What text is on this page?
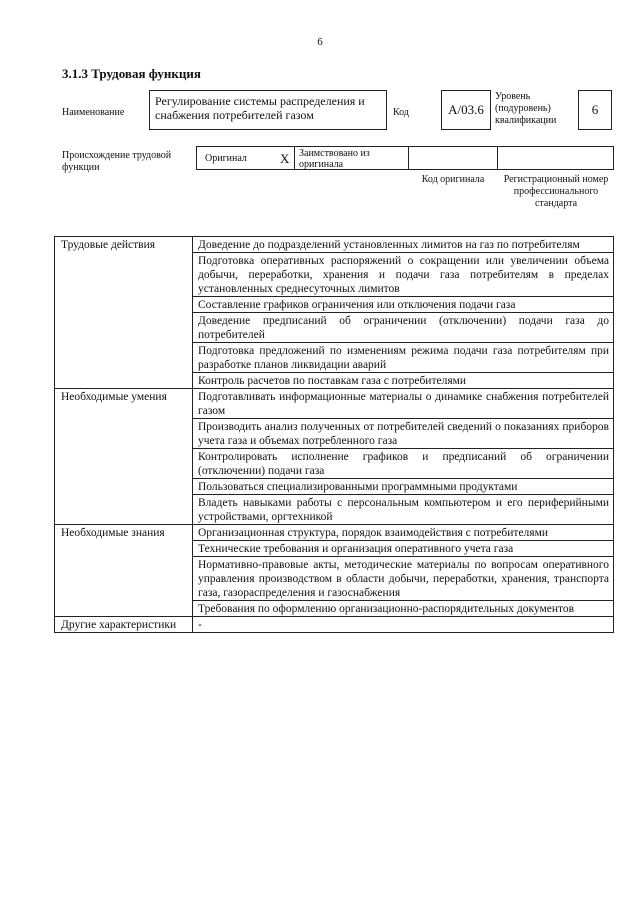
6
3.1.3 Трудовая функция
Наименование
Регулирование системы распределения и снабжения потребителей газом	Код	А/03.6
Уровень (подуровень) квалификации
6
Происхождение трудовой функции
Оригинал	X Заимствовано из оригинала
Код оригинала	Регистрационный номер профессионального стандарта
Трудовые действия	Доведение до подразделений установленных лимитов на газ по потребителям
	Подготовка оперативных распоряжений о сокращении или увеличении объема добычи, переработки, хранения и подачи газа потребителям в пределах установленных среднесуточных лимитов
	Составление графиков ограничения или отключения подачи газа
	Доведение предписаний об ограничении (отключении) подачи газа до потребителей
	Подготовка предложений по изменениям режима подачи газа потребителям при разработке планов ликвидации аварий
	Контроль расчетов по поставкам газа с потребителями
Необходимые умения	Подготавливать информационные материалы о динамике снабжения потребителей газом
	Производить анализ полученных от потребителей сведений о показаниях приборов учета газа и объемах потребленного газа
	Контролировать исполнение графиков и предписаний об ограничении (отключении) подачи газа
	Пользоваться специализированными программными продуктами
	Владеть навыками работы с персональным компьютером и его периферийными устройствами, оргтехникой
Необходимые знания	Организационная структура, порядок взаимодействия с потребителями
	Технические требования и организация оперативного учета газа
	Нормативно-правовые акты, методические материалы по вопросам оперативного управления производством в области добычи, переработки, хранения, транспорта газа, газораспределения и газоснабжения
	Требования по оформлению организационно-распорядительных документов
Другие характеристики	-
